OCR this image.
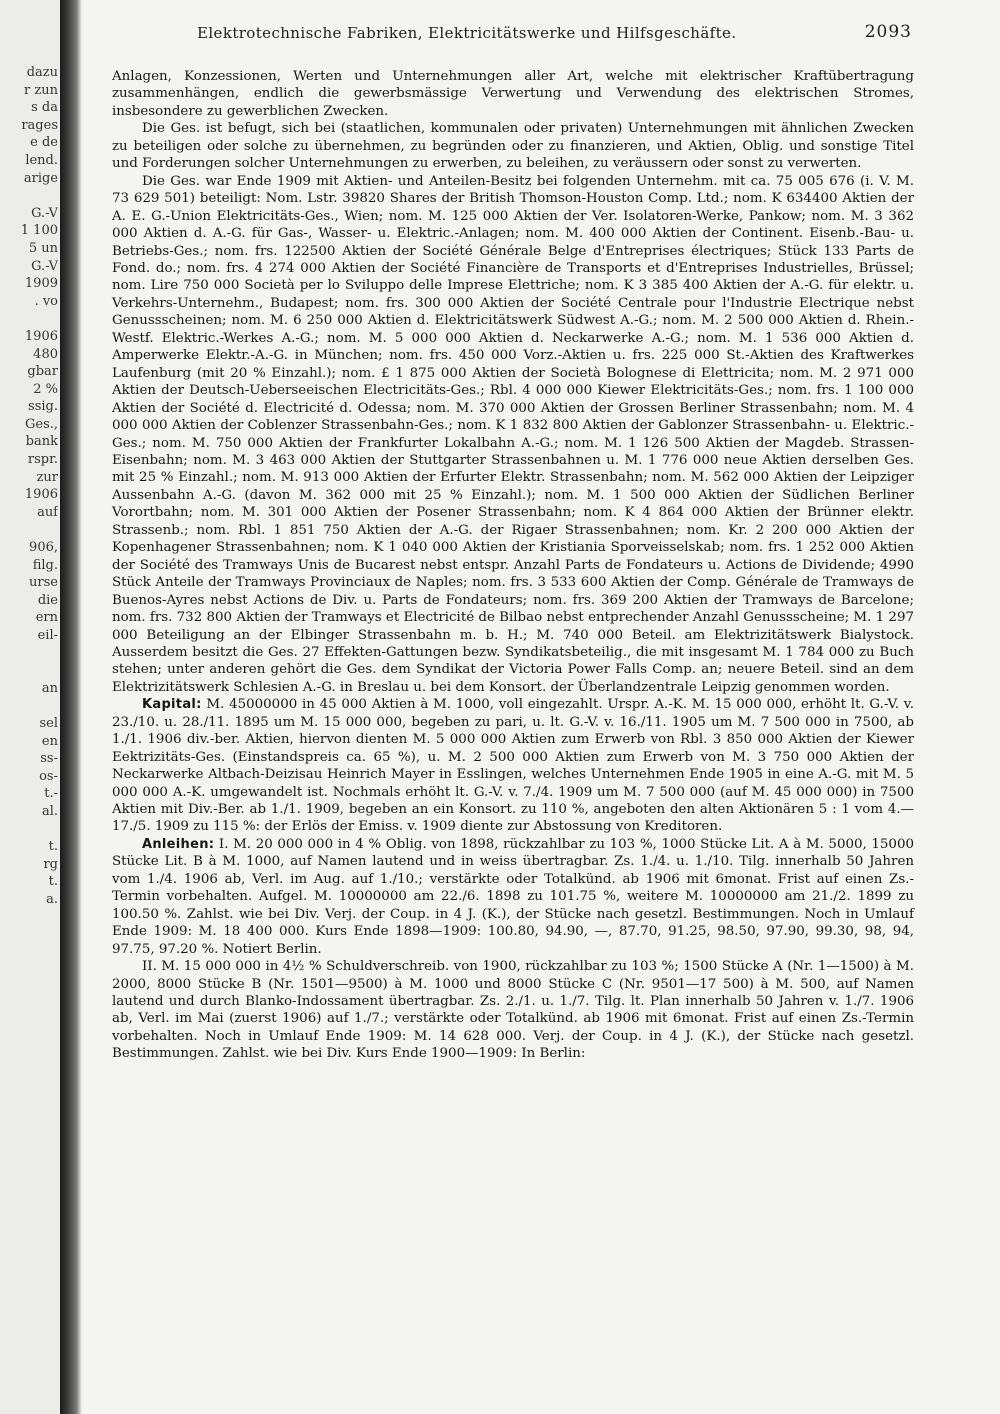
dazu
r zun
s da
rages
e de
lend.
arige

G.-V
1 100
5 un
G.-V
1909
. vo

1906
480
gbar
2 %
ssig.
Ges.,
bank
rspr.
zur
1906
auf

906,
filg.
urse
die
ern
eil-

an

sel
en
ss-
os-
t.-
al.

t.
rg
t.
a.
Elektrotechnische Fabriken, Elektricitätswerke und Hilfsgeschäfte.	2093

Anlagen, Konzessionen, Werten und Unternehmungen aller Art, welche mit elektrischer Kraftübertragung zusammenhängen, endlich die gewerbsmässige Verwertung und Verwendung des elektrischen Stromes, insbesondere zu gewerblichen Zwecken.

Die Ges. ist befugt, sich bei (staatlichen, kommunalen oder privaten) Unternehmungen mit ähnlichen Zwecken zu beteiligen oder solche zu übernehmen, zu begründen oder zu finanzieren, und Aktien, Oblig. und sonstige Titel und Forderungen solcher Unternehmungen zu erwerben, zu beleihen, zu veräussern oder sonst zu verwerten.

Die Ges. war Ende 1909 mit Aktien- und Anteilen-Besitz bei folgenden Unternehm. mit ca. 75 005 676 (i. V. M. 73 629 501) beteiligt: Nom. Lstr. 39820 Shares der British Thomson-Houston Comp. Ltd.; nom. K 634400 Aktien der A. E. G.-Union Elektricitäts-Ges., Wien; nom. M. 125 000 Aktien der Ver. Isolatoren-Werke, Pankow; nom. M. 3 362 000 Aktien d. A.-G. für Gas-, Wasser- u. Elektric.-Anlagen; nom. M. 400 000 Aktien der Continent. Eisenb.-Bau- u. Betriebs-Ges.; nom. frs. 122500 Aktien der Société Générale Belge d'Entreprises électriques; Stück 133 Parts de Fond. do.; nom. frs. 4 274 000 Aktien der Société Financière de Transports et d'Entreprises Industrielles, Brüssel; nom. Lire 750 000 Società per lo Sviluppo delle Imprese Elettriche; nom. K 3 385 400 Aktien der A.-G. für elektr. u. Verkehrs-Unternehm., Budapest; nom. frs. 300 000 Aktien der Société Centrale pour l'Industrie Electrique nebst Genussscheinen; nom. M. 6 250 000 Aktien d. Elektricitätswerk Südwest A.-G.; nom. M. 2 500 000 Aktien d. Rhein.-Westf. Elektric.-Werkes A.-G.; nom. M. 5 000 000 Aktien d. Neckarwerke A.-G.; nom. M. 1 536 000 Aktien d. Amperwerke Elektr.-A.-G. in München; nom. frs. 450 000 Vorz.-Aktien u. frs. 225 000 St.-Aktien des Kraftwerkes Laufenburg (mit 20 % Einzahl.); nom. £ 1 875 000 Aktien der Società Bolognese di Elettricita; nom. M. 2 971 000 Aktien der Deutsch-Ueberseeischen Electricitäts-Ges.; Rbl. 4 000 000 Kiewer Elektricitäts-Ges.; nom. frs. 1 100 000 Aktien der Société d. Electricité d. Odessa; nom. M. 370 000 Aktien der Grossen Berliner Strassenbahn; nom. M. 4 000 000 Aktien der Coblenzer Strassenbahn-Ges.; nom. K 1 832 800 Aktien der Gablonzer Strassenbahn- u. Elektric.-Ges.; nom. M. 750 000 Aktien der Frankfurter Lokalbahn A.-G.; nom. M. 1 126 500 Aktien der Magdeb. Strassen-Eisenbahn; nom. M. 3 463 000 Aktien der Stuttgarter Strassenbahnen u. M. 1 776 000 neue Aktien derselben Ges. mit 25 % Einzahl.; nom. M. 913 000 Aktien der Erfurter Elektr. Strassenbahn; nom. M. 562 000 Aktien der Leipziger Aussenbahn A.-G. (davon M. 362 000 mit 25 % Einzahl.); nom. M. 1 500 000 Aktien der Südlichen Berliner Vorortbahn; nom. M. 301 000 Aktien der Posener Strassenbahn; nom. K 4 864 000 Aktien der Brünner elektr. Strassenb.; nom. Rbl. 1 851 750 Aktien der A.-G. der Rigaer Strassenbahnen; nom. Kr. 2 200 000 Aktien der Kopenhagener Strassenbahnen; nom. K 1 040 000 Aktien der Kristiania Sporveisselskab; nom. frs. 1 252 000 Aktien der Société des Tramways Unis de Bucarest nebst entspr. Anzahl Parts de Fondateurs u. Actions de Dividende; 4990 Stück Anteile der Tramways Provinciaux de Naples; nom. frs. 3 533 600 Aktien der Comp. Générale de Tramways de Buenos-Ayres nebst Actions de Div. u. Parts de Fondateurs; nom. frs. 369 200 Aktien der Tramways de Barcelone; nom. frs. 732 800 Aktien der Tramways et Electricité de Bilbao nebst entprechender Anzahl Genussscheine; M. 1 297 000 Beteiligung an der Elbinger Strassenbahn m. b. H.; M. 740 000 Beteil. am Elektrizitätswerk Bialystock. Ausserdem besitzt die Ges. 27 Effekten-Gattungen bezw. Syndikatsbeteilig., die mit insgesamt M. 1 784 000 zu Buch stehen; unter anderen gehört die Ges. dem Syndikat der Victoria Power Falls Comp. an; neuere Beteil. sind an dem Elektrizitätswerk Schlesien A.-G. in Breslau u. bei dem Konsort. der Überlandzentrale Leipzig genommen worden.

Kapital: M. 45000000 in 45 000 Aktien à M. 1000, voll eingezahlt. Urspr. A.-K. M. 15 000 000, erhöht lt. G.-V. v. 23./10. u. 28./11. 1895 um M. 15 000 000, begeben zu pari, u. lt. G.-V. v. 16./11. 1905 um M. 7 500 000 in 7500, ab 1./1. 1906 div.-ber. Aktien, hiervon dienten M. 5 000 000 Aktien zum Erwerb von Rbl. 3 850 000 Aktien der Kiewer Eektrizitäts-Ges. (Einstandspreis ca. 65 %), u. M. 2 500 000 Aktien zum Erwerb von M. 3 750 000 Aktien der Neckarwerke Altbach-Deizisau Heinrich Mayer in Esslingen, welches Unternehmen Ende 1905 in eine A.-G. mit M. 5 000 000 A.-K. umgewandelt ist. Nochmals erhöht lt. G.-V. v. 7./4. 1909 um M. 7 500 000 (auf M. 45 000 000) in 7500 Aktien mit Div.-Ber. ab 1./1. 1909, begeben an ein Konsort. zu 110 %, angeboten den alten Aktionären 5 : 1 vom 4.—17./5. 1909 zu 115 %: der Erlös der Emiss. v. 1909 diente zur Abstossung von Kreditoren.

Anleihen: I. M. 20 000 000 in 4 % Oblig. von 1898, rückzahlbar zu 103 %, 1000 Stücke Lit. A à M. 5000, 15000 Stücke Lit. B à M. 1000, auf Namen lautend und in weiss übertragbar. Zs. 1./4. u. 1./10. Tilg. innerhalb 50 Jahren vom 1./4. 1906 ab, Verl. im Aug. auf 1./10.; verstärkte oder Totalkünd. ab 1906 mit 6monat. Frist auf einen Zs.-Termin vorbehalten. Aufgel. M. 10000000 am 22./6. 1898 zu 101.75 %, weitere M. 10000000 am 21./2. 1899 zu 100.50 %. Zahlst. wie bei Div. Verj. der Coup. in 4 J. (K.), der Stücke nach gesetzl. Bestimmungen. Noch in Umlauf Ende 1909: M. 18 400 000. Kurs Ende 1898—1909: 100.80, 94.90, —, 87.70, 91.25, 98.50, 97.90, 99.30, 98, 94, 97.75, 97.20 %. Notiert Berlin.

II. M. 15 000 000 in 4½ % Schuldverschreib. von 1900, rückzahlbar zu 103 %; 1500 Stücke A (Nr. 1—1500) à M. 2000, 8000 Stücke B (Nr. 1501—9500) à M. 1000 und 8000 Stücke C (Nr. 9501—17 500) à M. 500, auf Namen lautend und durch Blanko-Indossament übertragbar. Zs. 2./1. u. 1./7. Tilg. lt. Plan innerhalb 50 Jahren v. 1./7. 1906 ab, Verl. im Mai (zuerst 1906) auf 1./7.; verstärkte oder Totalkünd. ab 1906 mit 6monat. Frist auf einen Zs.-Termin vorbehalten. Noch in Umlauf Ende 1909: M. 14 628 000. Verj. der Coup. in 4 J. (K.), der Stücke nach gesetzl. Bestimmungen. Zahlst. wie bei Div. Kurs Ende 1900—1909: In Berlin:
